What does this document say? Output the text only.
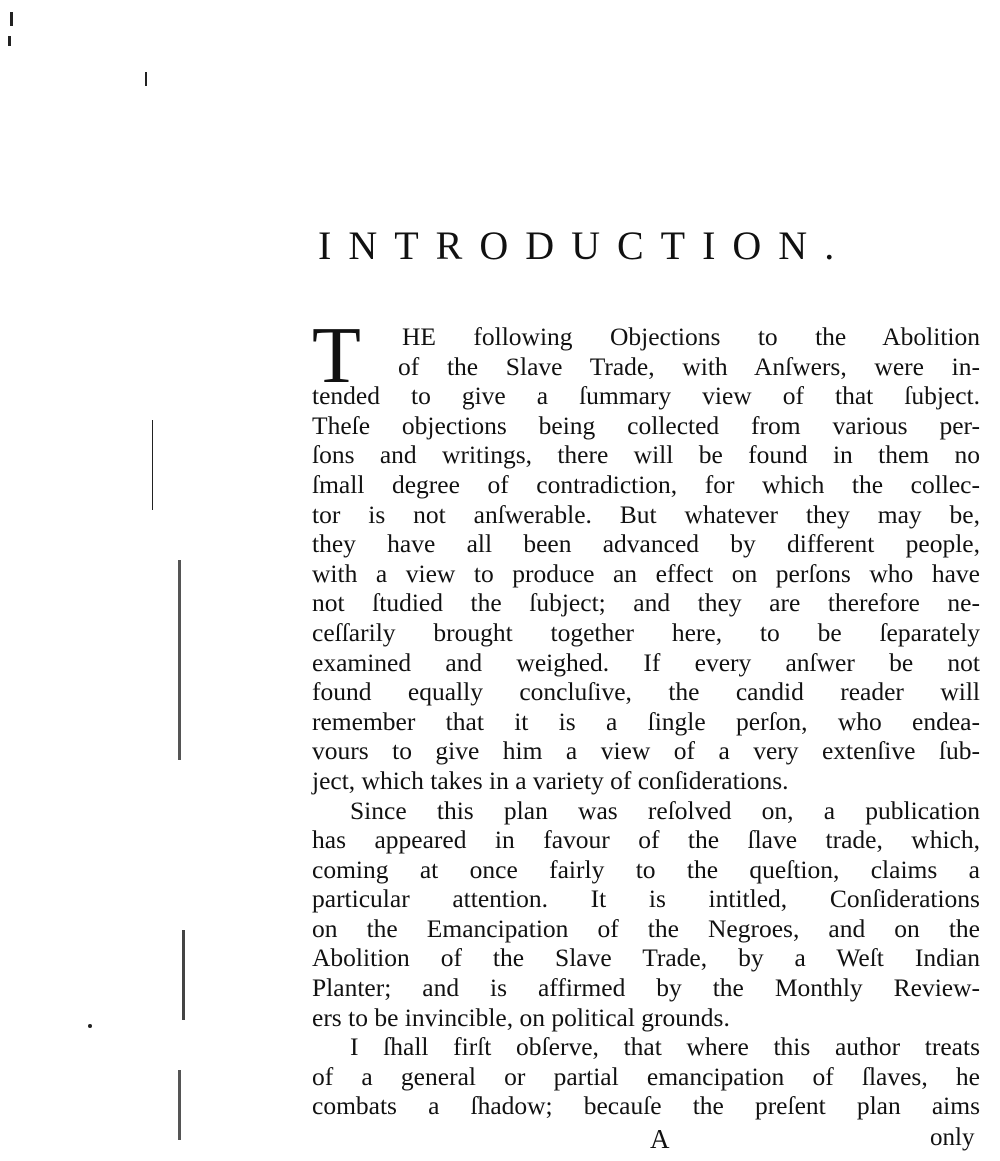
INTRODUCTION.
T	HE following Objections to the Abolition
of the Slave Trade, with Anſwers, were in-
tended to give a ſummary view of that ſubject.
Theſe objections being collected from various per-
ſons and writings, there will be found in them no
ſmall degree of contradiction, for which the collec-
tor is not anſwerable. But whatever they may be,
they have all been advanced by different people,
with a view to produce an effect on perſons who have
not ſtudied the ſubject; and they are therefore ne-
ceſſarily brought together here, to be ſeparately
examined and weighed. If every anſwer be not
found equally concluſive, the candid reader will
remember that it is a ſingle perſon, who endea-
vours to give him a view of a very extenſive ſub-
ject, which takes in a variety of conſiderations.
Since this plan was reſolved on, a publication
has appeared in favour of the ſlave trade, which,
coming at once fairly to the queſtion, claims a
particular attention. It is intitled, Conſiderations
on the Emancipation of the Negroes, and on the
Abolition of the Slave Trade, by a Weſt Indian
Planter; and is affirmed by the Monthly Review-
ers to be invincible, on political grounds.
I ſhall firſt obſerve, that where this author treats
of a general or partial emancipation of ſlaves, he
combats a ſhadow; becauſe the preſent plan aims
A	only
